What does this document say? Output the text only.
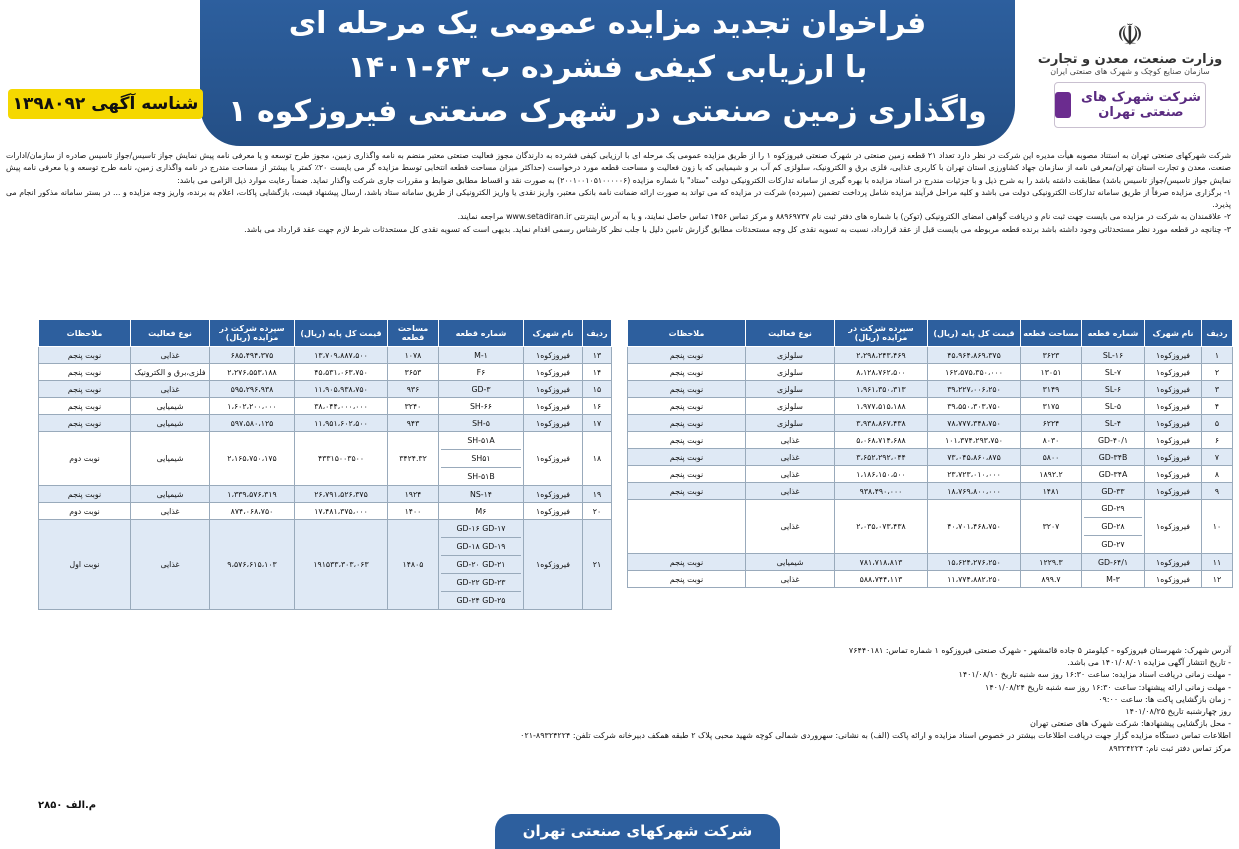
فراخوان تجدید مزایده عمومی یک مرحله ای
با ارزیابی کیفی فشرده ب ۶۳-۱۴۰۱
واگذاری زمین صنعتی در شهرک صنعتی فیروزکوه ۱
شناسه آگهی ۱۳۹۸۰۹۲
☫
وزارت صنعت، معدن و تجارت
سازمان صنایع کوچک و شهرک های صنعتی ایران
شرکت شهرک های صنعتی تهران

شرکت شهرکهای صنعتی تهران به استناد مصوبه هیأت مدیره این شرکت در نظر دارد تعداد ۲۱ قطعه زمین صنعتی در شهرک صنعتی فیروزکوه ۱ را از طریق مزایده عمومی یک مرحله ای با ارزیابی کیفی فشرده به دارندگان مجوز فعالیت صنعتی معتبر منضم به نامه واگذاری زمین، مجوز طرح توسعه و یا معرفی نامه پیش نمایش جواز تاسیس/جواز تاسیس صادره از سازمان/ادارات صنعت، معدن و تجارت استان تهران/معرفی نامه از سازمان جهاد کشاورزی استان تهران با کاربری غذایی، فلزی برق و الکترونیک، سلولزی کم آب بر و شیمیایی که با زون فعالیت و مساحت قطعه مورد درخواست (حداکثر میزان مساحت قطعه انتخابی توسط مزایده گر می بایست ۲۰٪ کمتر یا بیشتر از مساحت مندرج در نامه واگذاری زمین، نامه طرح توسعه و یا معرفی نامه پیش نمایش جواز تاسیس/جواز تاسیس باشد) مطابقت داشته باشد را به شرح ذیل و با جزئیات مندرج در اسناد مزایده با بهره گیری از سامانه تدارکات الکترونیکی دولت "ستاد" با شماره مزایده (۲۰۰۱۰۰۱۰۵۱۰۰۰۰۰۶) به صورت نقد و اقساط مطابق ضوابط و مقررات جاری شرکت واگذار نماید. ضمناً رعایت موارد ذیل الزامی می باشد:

۱- برگزاری مزایده صرفاً از طریق سامانه تدارکات الکترونیکی دولت می باشد و کلیه مراحل فرآیند مزایده شامل پرداخت تضمین (سپرده) شرکت در مزایده که می تواند به صورت ارائه ضمانت نامه بانکی معتبر، واریز نقدی یا واریز الکترونیکی از طریق سامانه ستاد باشد، ارسال پیشنهاد قیمت، بازگشایی پاکات، اعلام به برنده، واریز وجه مزایده و ... در بستر سامانه مذکور انجام می پذیرد.

۲- علاقمندان به شرکت در مزایده می بایست جهت ثبت نام و دریافت گواهی امضای الکترونیکی (توکن) با شماره های دفتر ثبت نام ۸۸۹۶۹۷۳۷ و مرکز تماس ۱۴۵۶ تماس حاصل نمایند، و یا به آدرس اینترنتی www.setadiran.ir مراجعه نمایند.

۳- چنانچه در قطعه مورد نظر مستحدثاتی وجود داشته باشد برنده قطعه مربوطه می بایست قبل از عقد قرارداد، نسبت به تسویه نقدی کل وجه مستحدثات مطابق گزارش تامین دلیل با جلب نظر کارشناس رسمی اقدام نماید. بدیهی است که تسویه نقدی کل مستحدثات شرط لازم جهت عقد قرارداد می باشد.

ردیف	نام شهرک	شماره قطعه	مساحت قطعه	قیمت کل پایه (ریال)	سپرده شرکت در مزایده (ریال)	نوع فعالیت	ملاحظات
۱	فیروزکوه۱	SL-۱۶	۳۶۲۳	۴۵،۹۶۴،۸۶۹،۳۷۵	۲،۲۹۸،۲۴۳،۴۶۹	سلولزی	نوبت پنجم
۲	فیروزکوه۱	SL-۷	۱۳۰۵۱	۱۶۲،۵۷۵،۳۵۰،۰۰۰	۸،۱۲۸،۷۶۲،۵۰۰	سلولزی	نوبت پنجم
۳	فیروزکوه۱	SL-۶	۳۱۴۹	۳۹،۲۲۷،۰۰۶،۲۵۰	۱،۹۶۱،۳۵۰،۳۱۳	سلولزی	نوبت پنجم
۴	فیروزکوه۱	SL-۵	۳۱۷۵	۳۹،۵۵۰،۳۰۳،۷۵۰	۱،۹۷۷،۵۱۵،۱۸۸	سلولزی	نوبت پنجم
۵	فیروزکوه۱	SL-۴	۶۲۲۴	۷۸،۷۷۷،۳۴۸،۷۵۰	۳،۹۳۸،۸۶۷،۴۳۸	سلولزی	نوبت پنجم
۶	فیروزکوه۱	GD-۴۰/۱	۸۰۳۰	۱۰۱،۳۷۴،۲۹۳،۷۵۰	۵،۰۶۸،۷۱۴،۶۸۸	غذایی	نوبت پنجم
۷	فیروزکوه۱	GD-۳۴B	۵۸۰۰	۷۳،۰۴۵،۸۶۰،۸۷۵	۳،۶۵۲،۲۹۲،۰۴۴	غذایی	نوبت پنجم
۸	فیروزکوه۱	GD-۳۴A	۱۸۹۲.۲	۲۳،۷۲۳،۰۱۰،۰۰۰	۱،۱۸۶،۱۵۰،۵۰۰	غذایی	نوبت پنجم
۹	فیروزکوه۱	GD-۳۳	۱۴۸۱	۱۸،۷۶۹،۸۰۰،۰۰۰	۹۳۸،۴۹۰،۰۰۰	غذایی	نوبت پنجم
۱۰	فیروزکوه۱	GD-۲۹
GD-۲۸
GD-۲۷	۳۲۰۷	۴۰،۷۰۱،۴۶۸،۷۵۰	۲،۰۳۵،۰۷۳،۴۳۸	غذایی	
۱۱	فیروزکوه۱	GD-۶۴/۱	۱۲۲۹.۳	۱۵،۶۲۴،۲۷۶،۲۵۰	۷۸۱،۷۱۸،۸۱۳	شیمیایی	نوبت پنجم
۱۲	فیروزکوه۱	M-۳	۸۹۹.۷	۱۱،۷۷۴،۸۸۲،۲۵۰	۵۸۸،۷۴۴،۱۱۳	غذایی	نوبت پنجم
ردیف	نام شهرک	شماره قطعه	مساحت قطعه	قیمت کل پایه (ریال)	سپرده شرکت در مزایده (ریال)	نوع فعالیت	ملاحظات
۱۳	فیروزکوه۱	M-۱	۱۰۷۸	۱۳،۷۰۹،۸۸۷،۵۰۰	۶۸۵،۴۹۴،۳۷۵	غذایی	نوبت پنجم
۱۴	فیروزکوه۱	F۶	۳۶۵۳	۴۵،۵۳۱،۰۶۳،۷۵۰	۲،۲۷۶،۵۵۳،۱۸۸	فلزی،برق و الکترونیک	نوبت پنجم
۱۵	فیروزکوه۱	GD-۳	۹۳۶	۱۱،۹۰۵،۹۳۸،۷۵۰	۵۹۵،۲۹۶،۹۳۸	غذایی	نوبت پنجم
۱۶	فیروزکوه۱	SH-۶۶	۳۲۴۰	۳۸،۰۴۴،۰۰۰،۰۰۰	۱،۶۰۲،۲۰۰،۰۰۰	شیمیایی	نوبت پنجم
۱۷	فیروزکوه۱	SH-۵	۹۴۳	۱۱،۹۵۱،۶۰۲،۵۰۰	۵۹۷،۵۸۰،۱۲۵	شیمیایی	نوبت پنجم
۱۸	فیروزکوه۱	SH-۵۱A
SH۵۱
SH-۵۱B	۳۴۲۴.۳۲	۴۳۳۱۵۰۰۳۵۰۰	۲،۱۶۵،۷۵۰،۱۷۵	شیمیایی	نوبت دوم
۱۹	فیروزکوه۱	NS-۱۴	۱۹۲۴	۲۶،۷۹۱،۵۲۶،۳۷۵	۱،۳۳۹،۵۷۶،۳۱۹	شیمیایی	نوبت پنجم
۲۰	فیروزکوه۱	M۶	۱۴۰۰	۱۷،۴۸۱،۳۷۵،۰۰۰	۸۷۴،۰۶۸،۷۵۰	غذایی	نوبت دوم
۲۱	فیروزکوه۱	GD-۱۶ GD-۱۷
GD-۱۸ GD-۱۹
GD-۲۰ GD-۲۱
GD-۲۲ GD-۲۳
GD-۲۴ GD-۲۵	۱۴۸۰۵	۱۹۱۵۳۳،۳۰۳،۰۶۳	۹،۵۷۶،۶۱۵،۱۰۳	غذایی	نوبت اول

آدرس شهرک: شهرستان فیروزکوه - کیلومتر ۵ جاده قائمشهر - شهرک صنعتی فیروزکوه ۱ شماره تماس: ۷۶۴۴۰۱۸۱

- تاریخ انتشار آگهی مزایده ۱۴۰۱/۰۸/۰۱ می باشد.

- مهلت زمانی دریافت اسناد مزایده: ساعت ۱۶:۳۰ روز سه شنبه تاریخ ۱۴۰۱/۰۸/۱۰

- مهلت زمانی ارائه پیشنهاد: ساعت ۱۶:۳۰ روز سه شنبه تاریخ ۱۴۰۱/۰۸/۲۴

- زمان بازگشایی پاکت ها: ساعت ۰۹:۰۰

روز چهارشنبه تاریخ ۱۴۰۱/۰۸/۲۵

- محل بازگشایی پیشنهادها: شرکت شهرک های صنعتی تهران

اطلاعات تماس دستگاه مزایده گزار جهت دریافت اطلاعات بیشتر در خصوص اسناد مزایده و ارائه پاکت (الف) به نشانی: سهروردی شمالی کوچه شهید محبی پلاک ۲ طبقه همکف دبیرخانه شرکت تلفن: ۸۹۳۲۴۲۲۴-۰۲۱

مرکز تماس دفتر ثبت نام: ۸۹۳۲۴۲۲۴

م.الف ۲۸۵۰
شرکت شهرکهای صنعتی تهران
